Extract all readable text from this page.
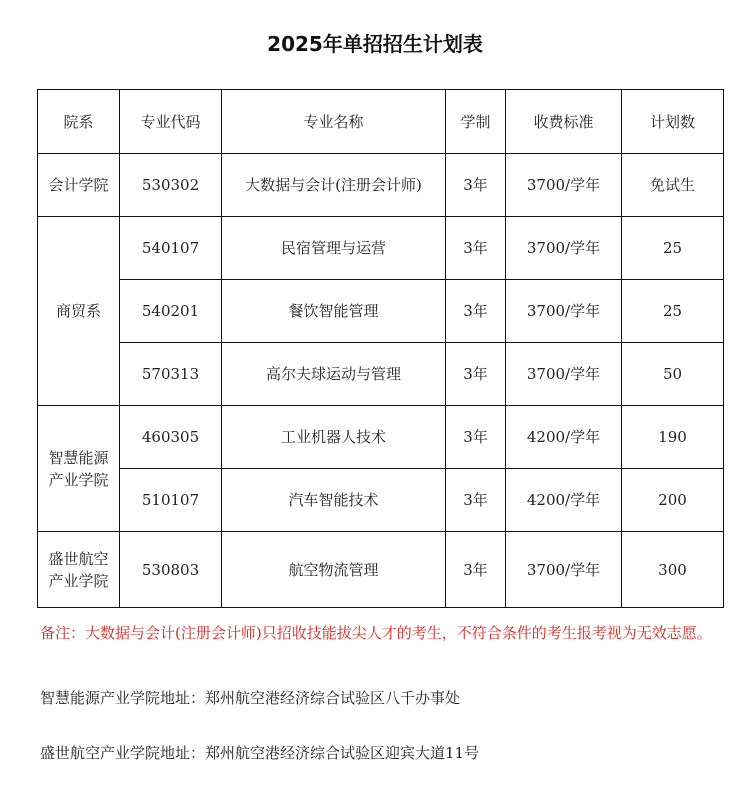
2025年单招招生计划表
院系	专业代码	专业名称	学制	收费标准	计划数
会计学院	530302	大数据与会计(注册会计师)	3年	3700/学年	免试生
商贸系	540107	民宿管理与运营	3年	3700/学年	25
	540201	餐饮智能管理	3年	3700/学年	25
	570313	高尔夫球运动与管理	3年	3700/学年	50
智慧能源产业学院	460305	工业机器人技术	3年	4200/学年	190
	510107	汽车智能技术	3年	4200/学年	200
盛世航空产业学院	530803	航空物流管理	3年	3700/学年	300
备注：大数据与会计(注册会计师)只招收技能拔尖人才的考生，不符合条件的考生报考视为无效志愿。
智慧能源产业学院地址：郑州航空港经济综合试验区八千办事处
盛世航空产业学院地址：郑州航空港经济综合试验区迎宾大道11号
